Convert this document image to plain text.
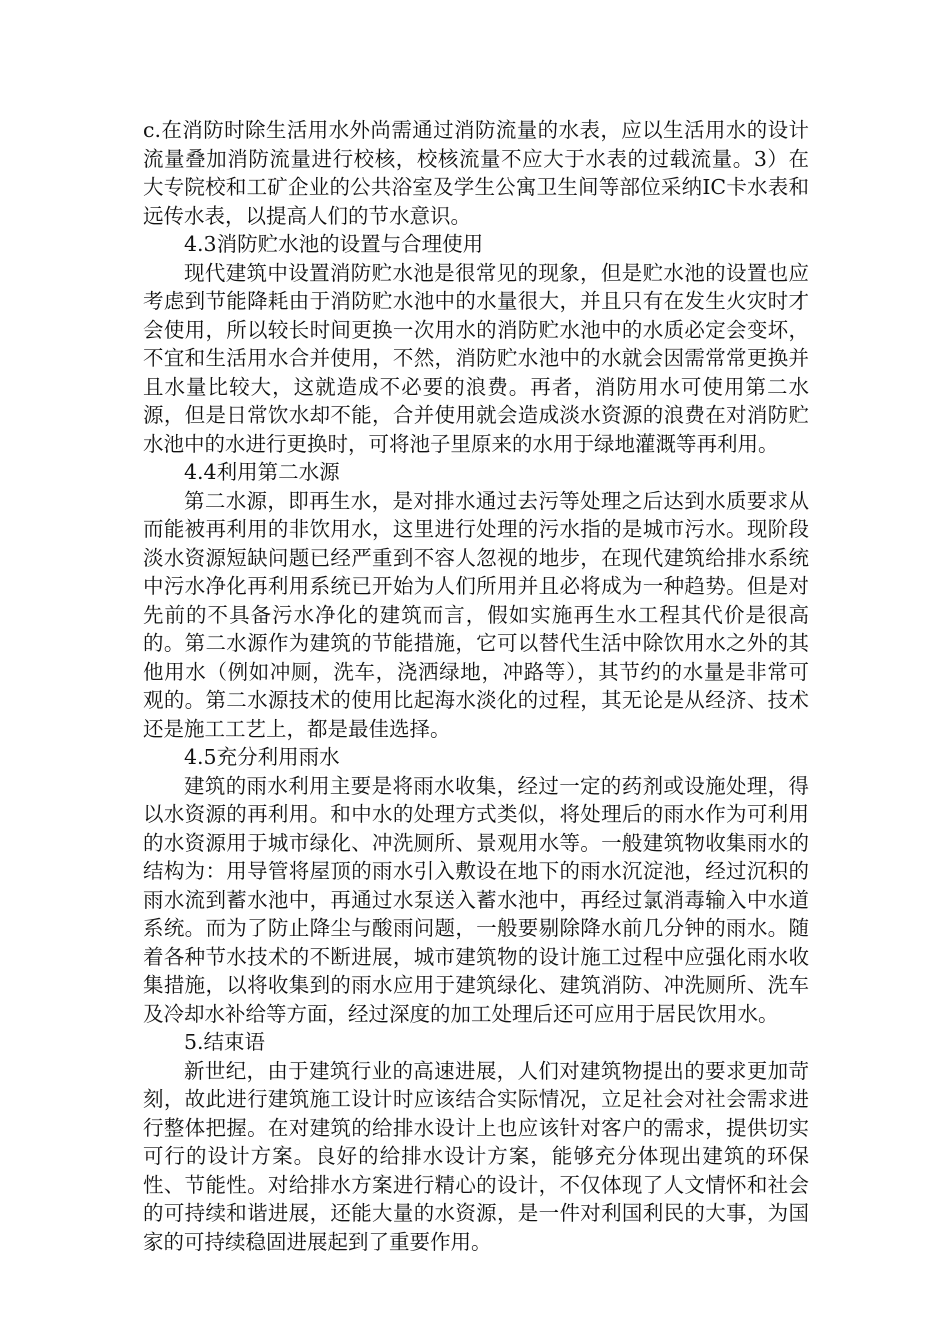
c.在消防时除生活用水外尚需通过消防流量的水表，应以生活用水的设计流量叠加消防流量进行校核，校核流量不应大于水表的过载流量。3）在大专院校和工矿企业的公共浴室及学生公寓卫生间等部位采纳IC卡水表和远传水表，以提高人们的节水意识。

4.3消防贮水池的设置与合理使用

现代建筑中设置消防贮水池是很常见的现象，但是贮水池的设置也应考虑到节能降耗由于消防贮水池中的水量很大，并且只有在发生火灾时才会使用，所以较长时间更换一次用水的消防贮水池中的水质必定会变坏，不宜和生活用水合并使用，不然，消防贮水池中的水就会因需常常更换并且水量比较大，这就造成不必要的浪费。再者，消防用水可使用第二水源，但是日常饮水却不能，合并使用就会造成淡水资源的浪费在对消防贮水池中的水进行更换时，可将池子里原来的水用于绿地灌溉等再利用。

4.4利用第二水源

第二水源，即再生水，是对排水通过去污等处理之后达到水质要求从而能被再利用的非饮用水，这里进行处理的污水指的是城市污水。现阶段淡水资源短缺问题已经严重到不容人忽视的地步，在现代建筑给排水系统中污水净化再利用系统已开始为人们所用并且必将成为一种趋势。但是对先前的不具备污水净化的建筑而言，假如实施再生水工程其代价是很高的。第二水源作为建筑的节能措施，它可以替代生活中除饮用水之外的其他用水（例如冲厕，洗车，浇洒绿地，冲路等），其节约的水量是非常可观的。第二水源技术的使用比起海水淡化的过程，其无论是从经济、技术还是施工工艺上，都是最佳选择。

4.5充分利用雨水

建筑的雨水利用主要是将雨水收集，经过一定的药剂或设施处理，得以水资源的再利用。和中水的处理方式类似，将处理后的雨水作为可利用的水资源用于城市绿化、冲洗厕所、景观用水等。一般建筑物收集雨水的结构为：用导管将屋顶的雨水引入敷设在地下的雨水沉淀池，经过沉积的雨水流到蓄水池中，再通过水泵送入蓄水池中，再经过氯消毒输入中水道系统。而为了防止降尘与酸雨问题，一般要剔除降水前几分钟的雨水。随着各种节水技术的不断进展，城市建筑物的设计施工过程中应强化雨水收集措施，以将收集到的雨水应用于建筑绿化、建筑消防、冲洗厕所、洗车及冷却水补给等方面，经过深度的加工处理后还可应用于居民饮用水。

5.结束语

新世纪，由于建筑行业的高速进展，人们对建筑物提出的要求更加苛刻，故此进行建筑施工设计时应该结合实际情况，立足社会对社会需求进行整体把握。在对建筑的给排水设计上也应该针对客户的需求，提供切实可行的设计方案。良好的给排水设计方案，能够充分体现出建筑的环保性、节能性。对给排水方案进行精心的设计，不仅体现了人文情怀和社会的可持续和谐进展，还能大量的水资源，是一件对利国利民的大事，为国家的可持续稳固进展起到了重要作用。
